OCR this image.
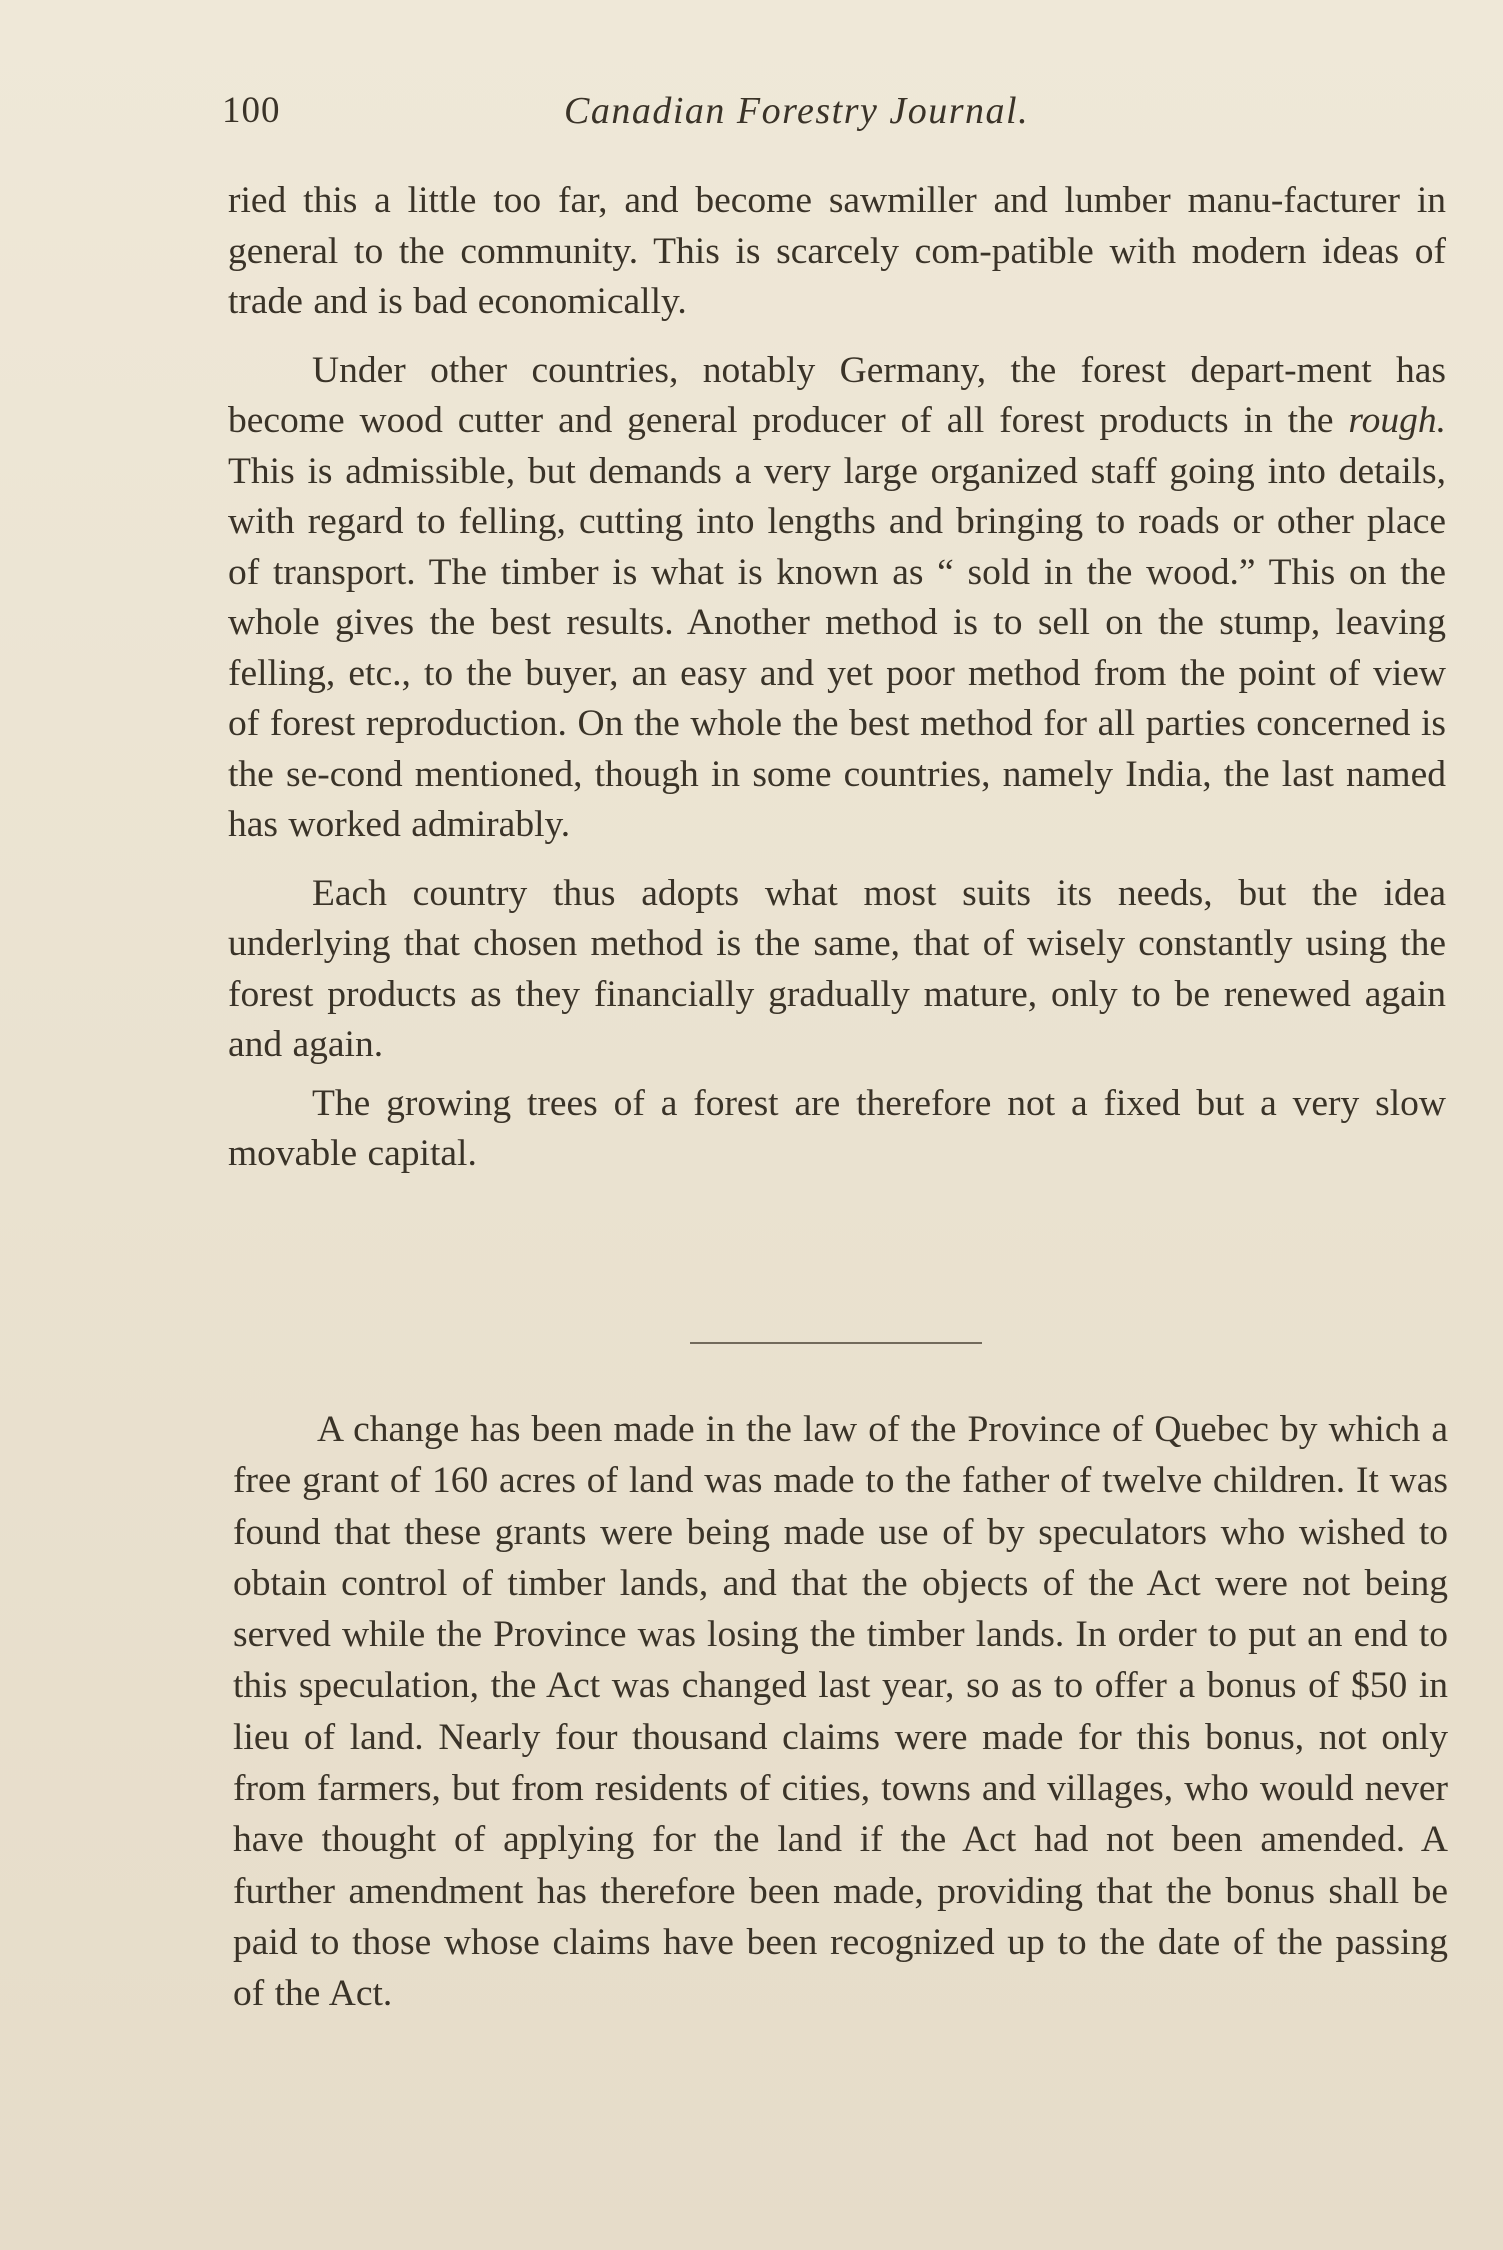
100	Canadian Forestry Journal.

ried this a little too far, and become sawmiller and lumber manu-facturer in general to the community. This is scarcely com-patible with modern ideas of trade and is bad economically.

Under other countries, notably Germany, the forest depart-ment has become wood cutter and general producer of all forest products in the rough. This is admissible, but demands a very large organized staff going into details, with regard to felling, cutting into lengths and bringing to roads or other place of transport. The timber is what is known as “ sold in the wood.” This on the whole gives the best results. Another method is to sell on the stump, leaving felling, etc., to the buyer, an easy and yet poor method from the point of view of forest reproduction. On the whole the best method for all parties concerned is the se-cond mentioned, though in some countries, namely India, the last named has worked admirably.

Each country thus adopts what most suits its needs, but the idea underlying that chosen method is the same, that of wisely constantly using the forest products as they financially gradually mature, only to be renewed again and again.

The growing trees of a forest are therefore not a fixed but a very slow movable capital.

A change has been made in the law of the Province of Quebec by which a free grant of 160 acres of land was made to the father of twelve children. It was found that these grants were being made use of by speculators who wished to obtain control of timber lands, and that the objects of the Act were not being served while the Province was losing the timber lands. In order to put an end to this speculation, the Act was changed last year, so as to offer a bonus of $50 in lieu of land. Nearly four thousand claims were made for this bonus, not only from farmers, but from residents of cities, towns and villages, who would never have thought of applying for the land if the Act had not been amended. A further amendment has therefore been made, providing that the bonus shall be paid to those whose claims have been recognized up to the date of the passing of the Act.
